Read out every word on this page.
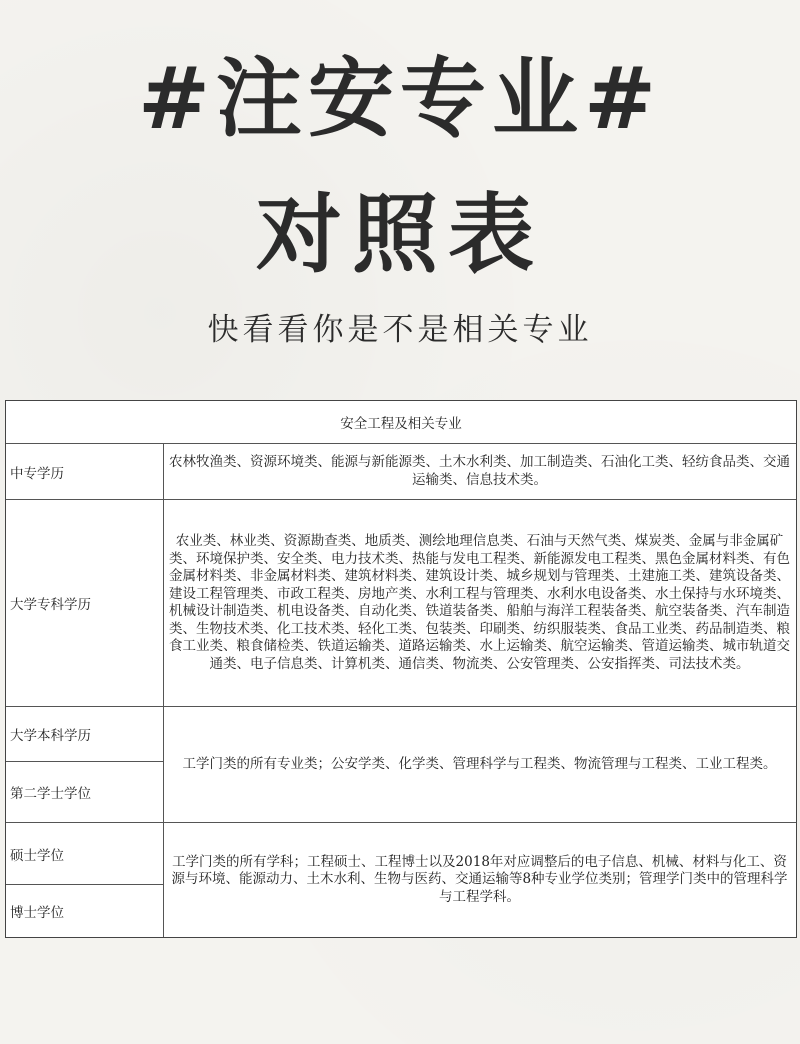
#注安专业#
对照表
快看看你是不是相关专业
安全工程及相关专业
中专学历
农林牧渔类、资源环境类、能源与新能源类、土木水利类、加工制造类、石油化工类、轻纺食品类、交通运输类、信息技术类。
大学专科学历
农业类、林业类、资源勘查类、地质类、测绘地理信息类、石油与天然气类、煤炭类、金属与非金属矿类、环境保护类、安全类、电力技术类、热能与发电工程类、新能源发电工程类、黑色金属材料类、有色金属材料类、非金属材料类、建筑材料类、建筑设计类、城乡规划与管理类、土建施工类、建筑设备类、建设工程管理类、市政工程类、房地产类、水利工程与管理类、水利水电设备类、水土保持与水环境类、机械设计制造类、机电设备类、自动化类、铁道装备类、船舶与海洋工程装备类、航空装备类、汽车制造类、生物技术类、化工技术类、轻化工类、包装类、印刷类、纺织服装类、食品工业类、药品制造类、粮食工业类、粮食储检类、铁道运输类、道路运输类、水上运输类、航空运输类、管道运输类、城市轨道交通类、电子信息类、计算机类、通信类、物流类、公安管理类、公安指挥类、司法技术类。
大学本科学历
第二学士学位
工学门类的所有专业类；公安学类、化学类、管理科学与工程类、物流管理与工程类、工业工程类。
硕士学位
博士学位
工学门类的所有学科；工程硕士、工程博士以及2018年对应调整后的电子信息、机械、材料与化工、资源与环境、能源动力、土木水利、生物与医药、交通运输等8种专业学位类别；管理学门类中的管理科学与工程学科。
